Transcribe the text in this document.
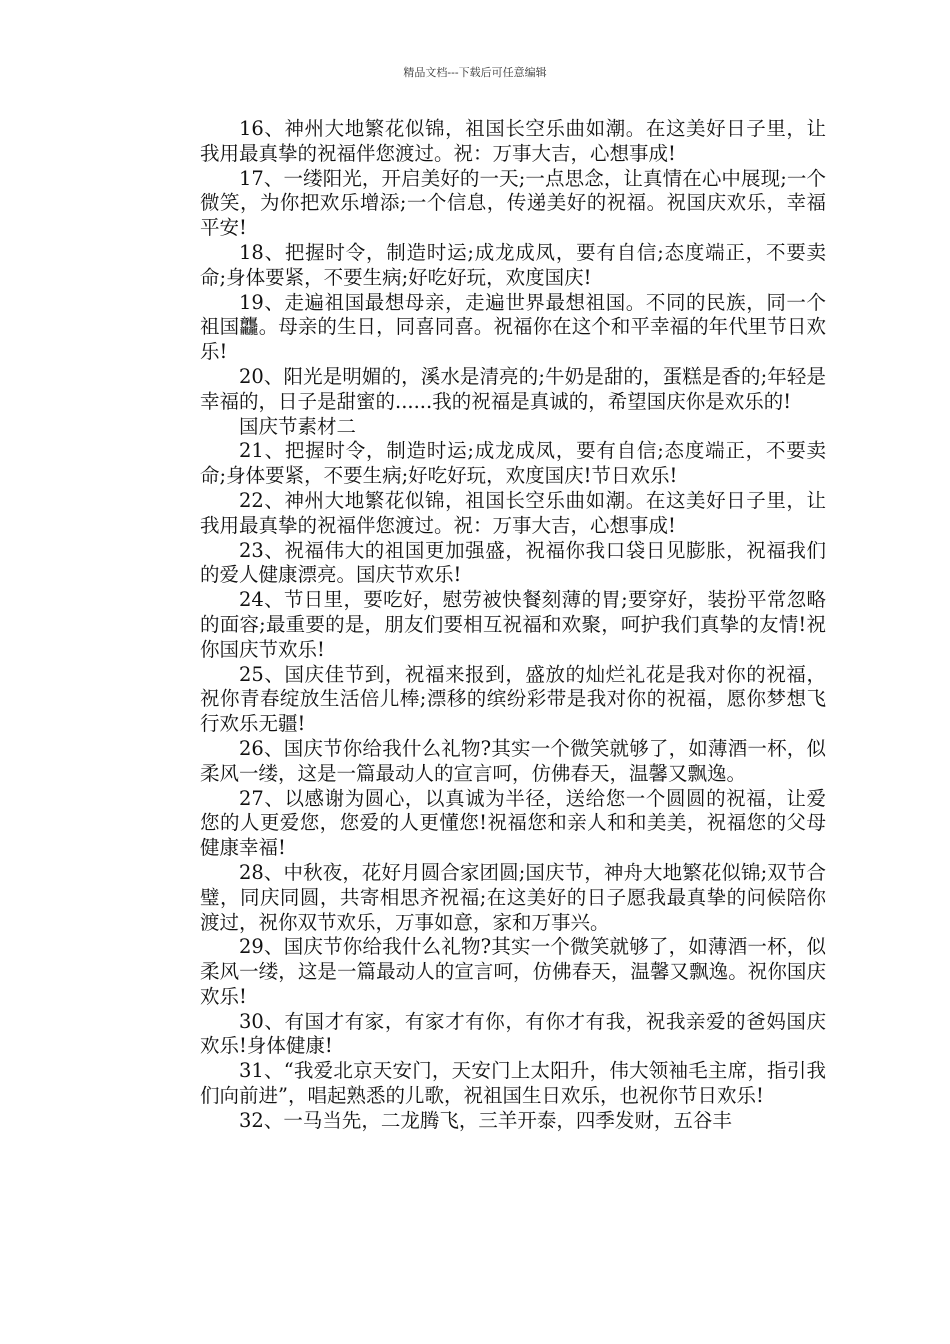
精品文档---下载后可任意编辑

16、神州大地繁花似锦，祖国长空乐曲如潮。在这美好日子里，让我用最真挚的祝福伴您渡过。祝：万事大吉，心想事成!

17、一缕阳光，开启美好的一天;一点思念，让真情在心中展现;一个微笑，为你把欢乐增添;一个信息，传递美好的祝福。祝国庆欢乐，幸福平安!

18、把握时令，制造时运;成龙成凤，要有自信;态度端正，不要卖命;身体要紧，不要生病;好吃好玩，欢度国庆!

19、走遍祖国最想母亲，走遍世界最想祖国。不同的民族，同一个祖国龘。母亲的生日，同喜同喜。祝福你在这个和平幸福的年代里节日欢乐!

20、阳光是明媚的，溪水是清亮的;牛奶是甜的，蛋糕是香的;年轻是幸福的，日子是甜蜜的......我的祝福是真诚的，希望国庆你是欢乐的!

国庆节素材二

21、把握时令，制造时运;成龙成凤，要有自信;态度端正，不要卖命;身体要紧，不要生病;好吃好玩，欢度国庆!节日欢乐!

22、神州大地繁花似锦，祖国长空乐曲如潮。在这美好日子里，让我用最真挚的祝福伴您渡过。祝：万事大吉，心想事成!

23、祝福伟大的祖国更加强盛，祝福你我口袋日见膨胀，祝福我们的爱人健康漂亮。国庆节欢乐!

24、节日里，要吃好，慰劳被快餐刻薄的胃;要穿好，装扮平常忽略的面容;最重要的是，朋友们要相互祝福和欢聚，呵护我们真挚的友情!祝你国庆节欢乐!

25、国庆佳节到，祝福来报到，盛放的灿烂礼花是我对你的祝福，祝你青春绽放生活倍儿棒;漂移的缤纷彩带是我对你的祝福，愿你梦想飞行欢乐无疆!

26、国庆节你给我什么礼物?其实一个微笑就够了，如薄酒一杯，似柔风一缕，这是一篇最动人的宣言呵，仿佛春天，温馨又飘逸。

27、以感谢为圆心，以真诚为半径，送给您一个圆圆的祝福，让爱您的人更爱您，您爱的人更懂您!祝福您和亲人和和美美，祝福您的父母健康幸福!

28、中秋夜，花好月圆合家团圆;国庆节，神舟大地繁花似锦;双节合璧，同庆同圆，共寄相思齐祝福;在这美好的日子愿我最真挚的问候陪你渡过，祝你双节欢乐，万事如意，家和万事兴。

29、国庆节你给我什么礼物?其实一个微笑就够了，如薄酒一杯，似柔风一缕，这是一篇最动人的宣言呵，仿佛春天，温馨又飘逸。祝你国庆欢乐!

30、有国才有家，有家才有你，有你才有我，祝我亲爱的爸妈国庆欢乐!身体健康!

31、“我爱北京天安门，天安门上太阳升，伟大领袖毛主席，指引我们向前进”，唱起熟悉的儿歌，祝祖国生日欢乐，也祝你节日欢乐!

32、一马当先，二龙腾飞，三羊开泰，四季发财，五谷丰
